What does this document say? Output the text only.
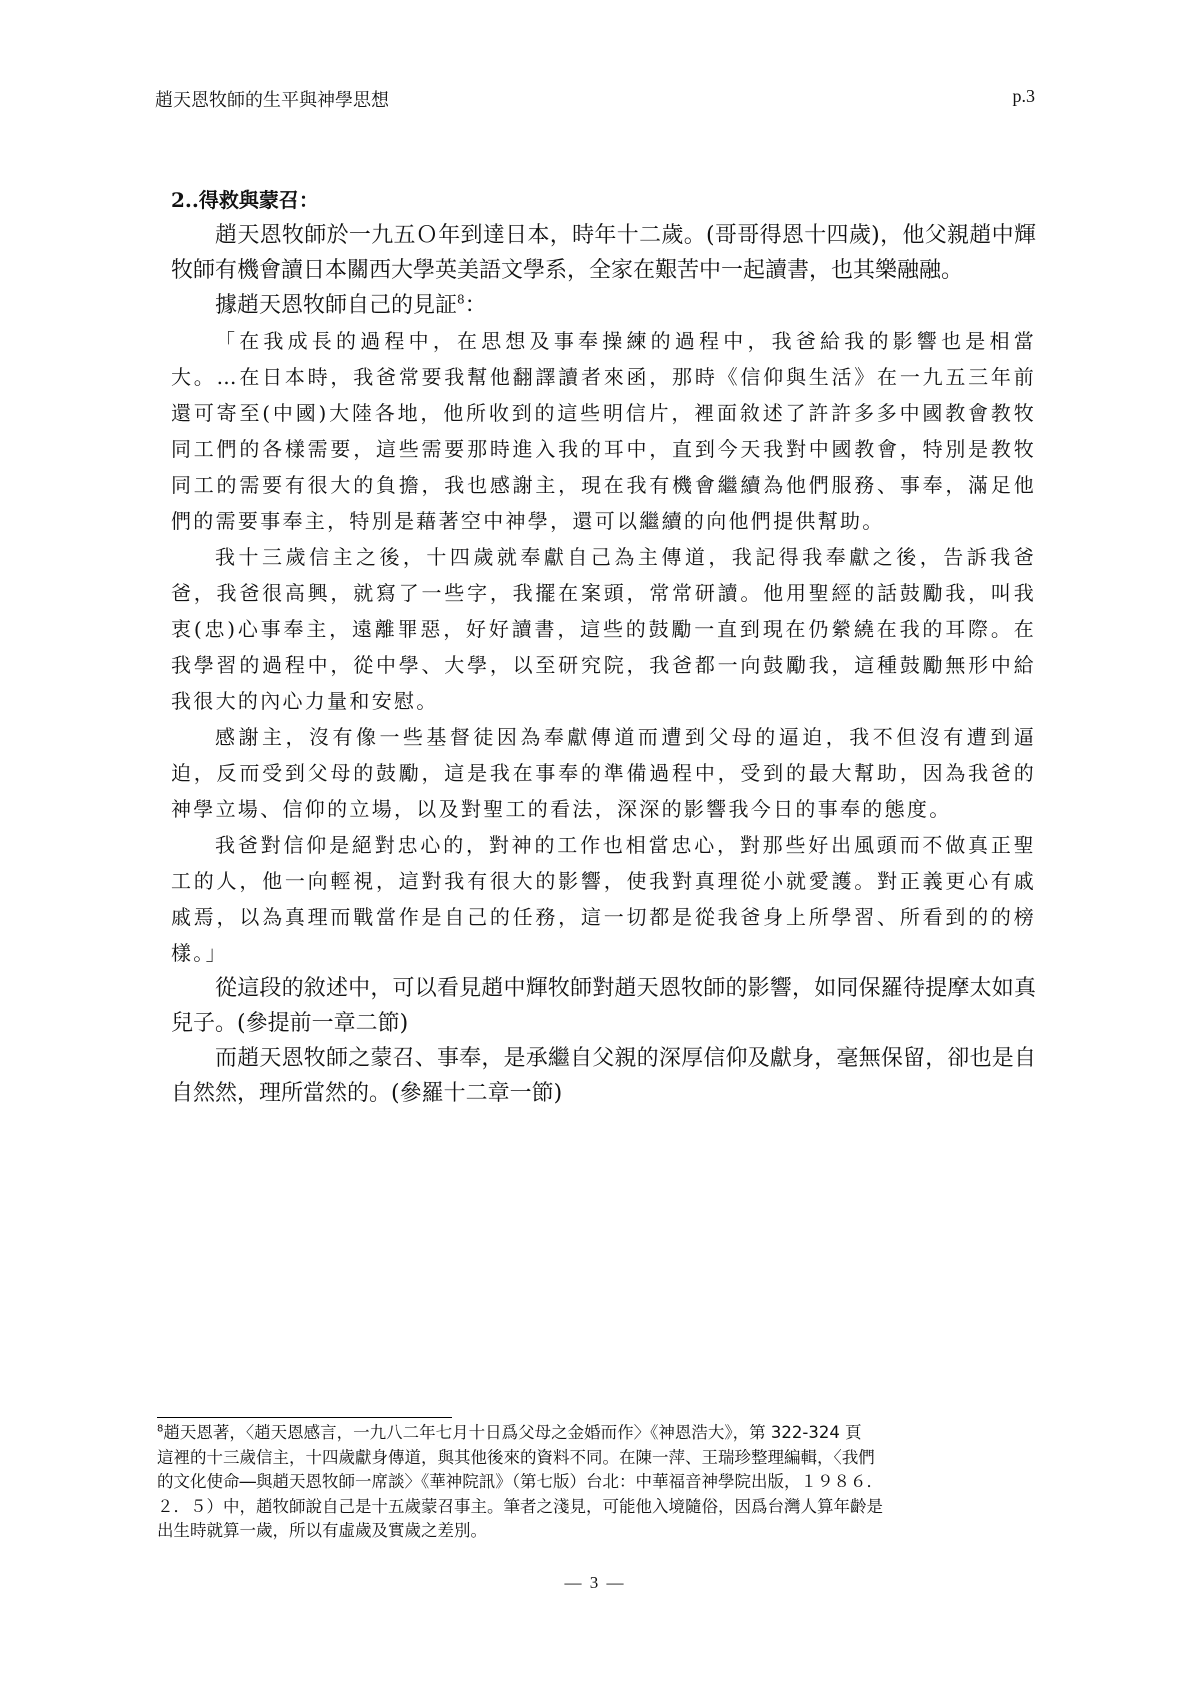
趙天恩牧師的生平與神學思想	p.3

2..得救與蒙召：

趙天恩牧師於一九五Ｏ年到達日本，時年十二歲。(哥哥得恩十四歲)，他父親趙中輝牧師有機會讀日本關西大學英美語文學系，全家在艱苦中一起讀書，也其樂融融。

據趙天恩牧師自己的見証$^8$：

「在我成長的過程中，在思想及事奉操練的過程中，我爸給我的影響也是相當大。…在日本時，我爸常要我幫他翻譯讀者來函，那時《信仰與生活》在一九五三年前還可寄至(中國)大陸各地，他所收到的這些明信片，裡面敘述了許許多多中國教會教牧同工們的各樣需要，這些需要那時進入我的耳中，直到今天我對中國教會，特別是教牧同工的需要有很大的負擔，我也感謝主，現在我有機會繼續為他們服務、事奉，滿足他們的需要事奉主，特別是藉著空中神學，還可以繼續的向他們提供幫助。

我十三歲信主之後，十四歲就奉獻自己為主傳道，我記得我奉獻之後，告訴我爸爸，我爸很高興，就寫了一些字，我擺在案頭，常常研讀。他用聖經的話鼓勵我，叫我衷(忠)心事奉主，遠離罪惡，好好讀書，這些的鼓勵一直到現在仍縈繞在我的耳際。在我學習的過程中，從中學、大學，以至研究院，我爸都一向鼓勵我，這種鼓勵無形中給我很大的內心力量和安慰。

感謝主，沒有像一些基督徒因為奉獻傳道而遭到父母的逼迫，我不但沒有遭到逼迫，反而受到父母的鼓勵，這是我在事奉的準備過程中，受到的最大幫助，因為我爸的神學立場、信仰的立場，以及對聖工的看法，深深的影響我今日的事奉的態度。

我爸對信仰是絕對忠心的，對神的工作也相當忠心，對那些好出風頭而不做真正聖工的人，他一向輕視，這對我有很大的影響，使我對真理從小就愛護。對正義更心有戚戚焉，以為真理而戰當作是自己的任務，這一切都是從我爸身上所學習、所看到的的榜樣。」

從這段的敘述中，可以看見趙中輝牧師對趙天恩牧師的影響，如同保羅待提摩太如真兒子。(參提前一章二節)

而趙天恩牧師之蒙召、事奉，是承繼自父親的深厚信仰及獻身，毫無保留，卻也是自自然然，理所當然的。(參羅十二章一節)

$^8$趙天恩著，〈趙天恩感言，一九八二年七月十日爲父母之金婚而作〉《神恩浩大》，第 322-324 頁
這裡的十三歲信主，十四歲獻身傳道，與其他後來的資料不同。在陳一萍、王瑞珍整理編輯，〈我們
的文化使命―與趙天恩牧師一席談〉《華神院訊》（第七版）台北：中華福音神學院出版，１９８６．
２．５）中，趙牧師說自己是十五歲蒙召事主。筆者之淺見，可能他入境隨俗，因爲台灣人算年齡是
出生時就算一歲，所以有虛歲及實歲之差別。
— 3 —
